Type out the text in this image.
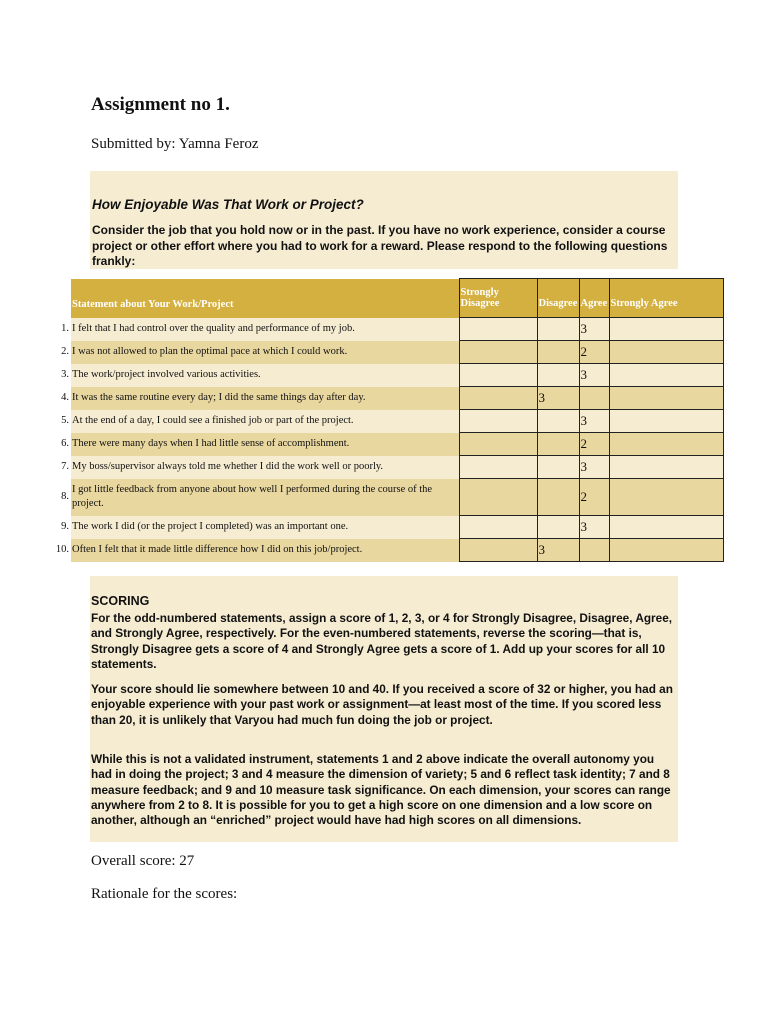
Assignment no 1.
Submitted by: Yamna Feroz
How Enjoyable Was That Work or Project?
Consider the job that you hold now or in the past. If you have no work experience, consider a course project or other effort where you had to work for a reward. Please respond to the following questions frankly:
Statement about Your Work/Project	Strongly Disagree	Disagree	Agree	Strongly Agree

1. I felt that I had control over the quality and performance of my job.			3	

2. I was not allowed to plan the optimal pace at which I could work.			2	

3. The work/project involved various activities.			3	

4. It was the same routine every day; I did the same things day after day.		3		

5. At the end of a day, I could see a finished job or part of the project.			3	

6. There were many days when I had little sense of accomplishment.			2	

7. My boss/supervisor always told me whether I did the work well or poorly.			3	

8.
I got little feedback from anyone about how well I performed during the course of the project.			2	

9. The work I did (or the project I completed) was an important one.			3	

10. Often I felt that it made little difference how I did on this job/project.		3		
SCORING

For the odd-numbered statements, assign a score of 1, 2, 3, or 4 for Strongly Disagree, Disagree, Agree, and Strongly Agree, respectively. For the even-numbered statements, reverse the scoring—that is, Strongly Disagree gets a score of 4 and Strongly Agree gets a score of 1. Add up your scores for all 10 statements.

Your score should lie somewhere between 10 and 40. If you received a score of 32 or higher, you had an enjoyable experience with your past work or assignment—at least most of the time. If you scored less than 20, it is unlikely that Varyou had much fun doing the job or project.

While this is not a validated instrument, statements 1 and 2 above indicate the overall autonomy you had in doing the project; 3 and 4 measure the dimension of variety; 5 and 6 reflect task identity; 7 and 8 measure feedback; and 9 and 10 measure task significance. On each dimension, your scores can range anywhere from 2 to 8. It is possible for you to get a high score on one dimension and a low score on another, although an “enriched” project would have had high scores on all dimensions.

Overall score: 27
Rationale for the scores:
